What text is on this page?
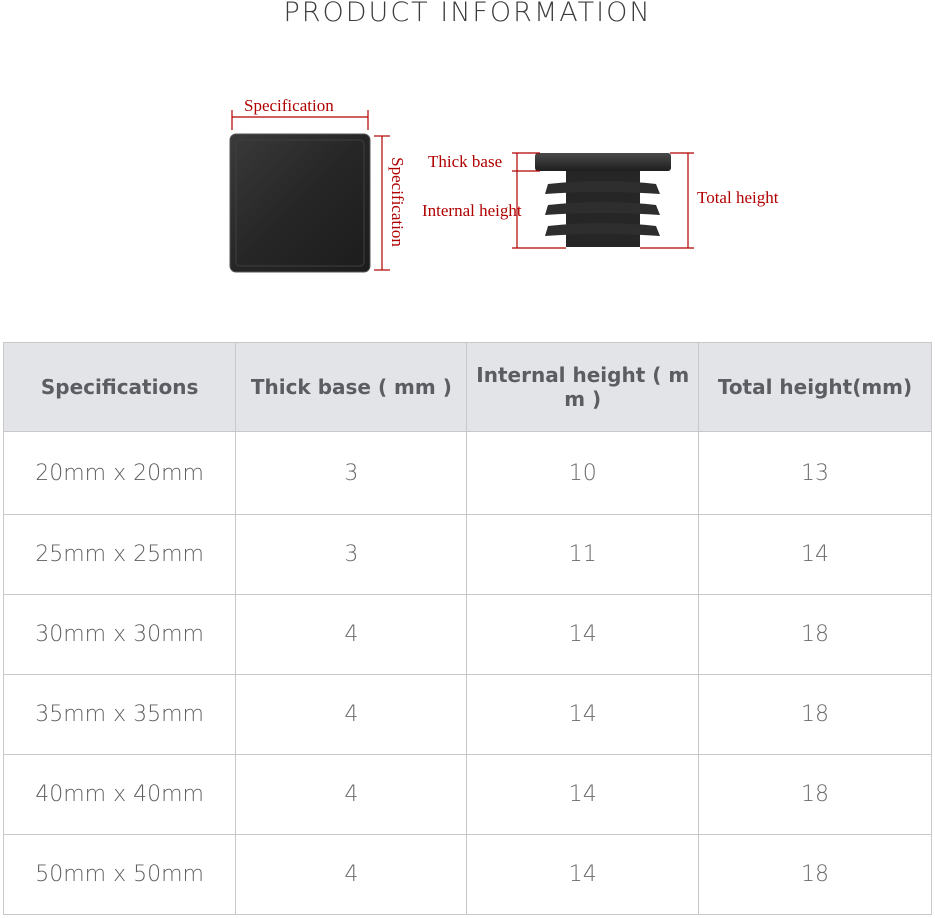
PRODUCT INFORMATION
Specification
Specification Thick base
Internal height
Total height
Specifications	Thick base ( mm )	Internal height ( m m )	Total height(mm)
20mm x 20mm	3	10	13
25mm x 25mm	3	11	14
30mm x 30mm	4	14	18
35mm x 35mm	4	14	18
40mm x 40mm	4	14	18
50mm x 50mm	4	14	18
